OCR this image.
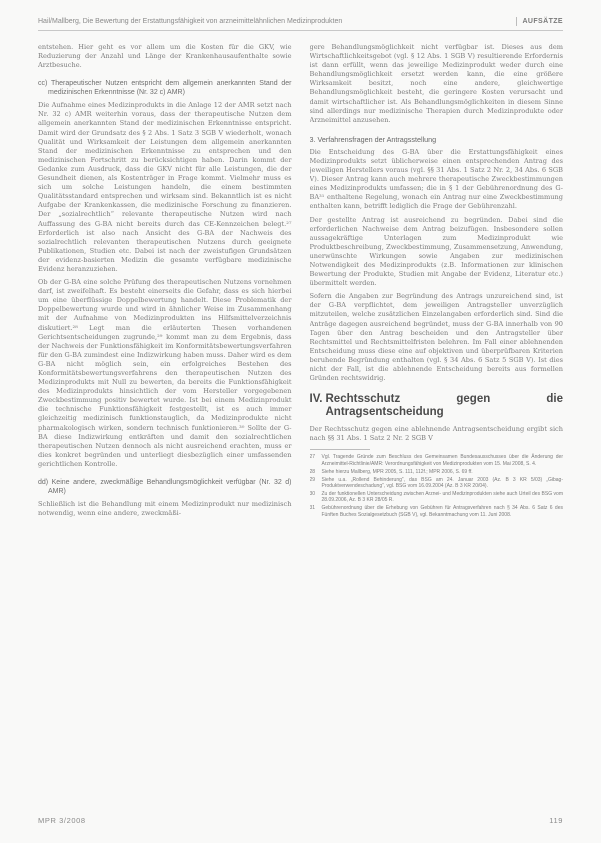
Hail/Mallberg, Die Bewertung der Erstattungsfähigkeit von arzneimittelähnlichen Medizinprodukten	AUFSÄTZE

entstehen. Hier geht es vor allem um die Kosten für die GKV, wie Reduzierung der Anzahl und Länge der Krankenhausaufenthalte sowie Arztbesuche.

cc) Therapeutischer Nutzen entspricht dem allgemein anerkannten Stand der medizinischen Erkenntnisse (Nr. 32 c) AMR)

Die Aufnahme eines Medizinprodukts in die Anlage 12 der AMR setzt nach Nr. 32 c) AMR weiterhin voraus, dass der therapeutische Nutzen dem allgemein anerkannten Stand der medizinischen Erkenntnisse entspricht. Damit wird der Grundsatz des § 2 Abs. 1 Satz 3 SGB V wiederholt, wonach Qualität und Wirksamkeit der Leistungen dem allgemein anerkannten Stand der medizinischen Erkenntnisse zu entsprechen und den medizinischen Fortschritt zu berücksichtigen haben. Darin kommt der Gedanke zum Ausdruck, dass die GKV nicht für alle Leistungen, die der Gesundheit dienen, als Kostenträger in Frage kommt. Vielmehr muss es sich um solche Leistungen handeln, die einem bestimmten Qualitätsstandard entsprechen und wirksam sind. Bekanntlich ist es nicht Aufgabe der Krankenkassen, die medizinische Forschung zu finanzieren. Der „sozialrechtlich“ relevante therapeutische Nutzen wird nach Auffassung des G-BA nicht bereits durch das CE-Kennzeichen belegt.²⁷ Erforderlich ist also nach Ansicht des G-BA der Nachweis des sozialrechtlich relevanten therapeutischen Nutzens durch geeignete Publikationen, Studien etc. Dabei ist nach der zweistufigen Grundsätzen der evidenz-basierten Medizin die gesamte verfügbare medizinische Evidenz heranzuziehen.

Ob der G-BA eine solche Prüfung des therapeutischen Nutzens vornehmen darf, ist zweifelhaft. Es besteht einerseits die Gefahr, dass es sich hierbei um eine überflüssige Doppelbewertung handelt. Diese Problematik der Doppelbewertung wurde und wird in ähnlicher Weise im Zusammenhang mit der Aufnahme von Medizinprodukten ins Hilfsmittelverzeichnis diskutiert.²⁸ Legt man die erläuterten Thesen vorhandenen Gerichtsentscheidungen zugrunde,²⁹ kommt man zu dem Ergebnis, dass der Nachweis der Funktionsfähigkeit im Konformitätsbewertungsverfahren für den G-BA zumindest eine Indizwirkung haben muss. Daher wird es dem G-BA nicht möglich sein, ein erfolgreiches Bestehen des Konformitätsbewertungsverfahrens den therapeutischen Nutzen des Medizinprodukts mit Null zu bewerten, da bereits die Funktionsfähigkeit des Medizinprodukts hinsichtlich der vom Hersteller vorgegebenen Zweckbestimmung positiv bewertet wurde. Ist bei einem Medizinprodukt die technische Funktionsfähigkeit festgestellt, ist es auch immer gleichzeitig medizinisch funktionstauglich, da Medizinprodukte nicht pharmakologisch wirken, sondern technisch funktionieren.³⁰ Sollte der G-BA diese Indizwirkung entkräften und damit den sozialrechtlichen therapeutischen Nutzen dennoch als nicht ausreichend erachten, muss er dies konkret begründen und unterliegt diesbezüglich einer umfassenden gerichtlichen Kontrolle.

dd) Keine andere, zweckmäßige Behandlungsmöglichkeit verfügbar (Nr. 32 d) AMR)

Schließlich ist die Behandlung mit einem Medizinprodukt nur medizinisch notwendig, wenn eine andere, zweckmäßi-

gere Behandlungsmöglichkeit nicht verfügbar ist. Dieses aus dem Wirtschaftlichkeitsgebot (vgl. § 12 Abs. 1 SGB V) resultierende Erfordernis ist dann erfüllt, wenn das jeweilige Medizinprodukt weder durch eine Behandlungsmöglichkeit ersetzt werden kann, die eine größere Wirksamkeit besitzt, noch eine andere, gleichwertige Behandlungsmöglichkeit besteht, die geringere Kosten verursacht und damit wirtschaftlicher ist. Als Behandlungsmöglichkeiten in diesem Sinne sind allerdings nur medizinische Therapien durch Medizinprodukte oder Arzneimittel anzusehen.

3. Verfahrensfragen der Antragsstellung

Die Entscheidung des G-BA über die Erstattungsfähigkeit eines Medizinprodukts setzt üblicherweise einen entsprechenden Antrag des jeweiligen Herstellers voraus (vgl. §§ 31 Abs. 1 Satz 2 Nr. 2, 34 Abs. 6 SGB V). Dieser Antrag kann auch mehrere therapeutische Zweckbestimmungen eines Medizinprodukts umfassen; die in § 1 der Gebührenordnung des G-BA³¹ enthaltene Regelung, wonach ein Antrag nur eine Zweckbestimmung enthalten kann, betrifft lediglich die Frage der Gebührenzahl.

Der gestellte Antrag ist ausreichend zu begründen. Dabei sind die erforderlichen Nachweise dem Antrag beizufügen. Insbesondere sollen aussagekräftige Unterlagen zum Medizinprodukt wie Produktbeschreibung, Zweckbestimmung, Zusammensetzung, Anwendung, unerwünschte Wirkungen sowie Angaben zur medizinischen Notwendigkeit des Medizinprodukts (z.B. Informationen zur klinischen Bewertung der Produkte, Studien mit Angabe der Evidenz, Literatur etc.) übermittelt werden.

Sofern die Angaben zur Begründung des Antrags unzureichend sind, ist der G-BA verpflichtet, dem jeweiligen Antragsteller unverzüglich mitzuteilen, welche zusätzlichen Einzelangaben erforderlich sind. Sind die Anträge dagegen ausreichend begründet, muss der G-BA innerhalb von 90 Tagen über den Antrag bescheiden und den Antragsteller über Rechtsmittel und Rechtsmittelfristen belehren. Im Fall einer ablehnenden Entscheidung muss diese eine auf objektiven und überprüfbaren Kriterien beruhende Begründung enthalten (vgl. § 34 Abs. 6 Satz 5 SGB V). Ist dies nicht der Fall, ist die ablehnende Entscheidung bereits aus formellen Gründen rechtswidrig.

IV. Rechtsschutz gegen die Antragsentscheidung

Der Rechtsschutz gegen eine ablehnende Antragsentscheidung ergibt sich nach §§ 31 Abs. 1 Satz 2 Nr. 2 SGB V

27	Vgl. Tragende Gründe zum Beschluss des Gemeinsamen Bundesausschusses über die Änderung der Arzneimittel-Richtlinie/AMR: Verordnungsfähigkeit von Medizinprodukten vom 15. Mai 2008, S. 4.
28	Siehe hierzu Mallberg, MPR 2005, S. 111, 112f.; MPR 2006, S. 69 ff.
29	Siehe u.a. „Rollend Behinderung“, das BSG am 24. Januar 2003 (Az. B 3 KR 5/03) „Gibag-Produktverwendeschadung“, vgl. BSG vom 16.09.2004 (Az. B 3 KR 20/04).
30	Zu der funktionellen Unterscheidung zwischen Arznei- und Medizinprodukten siehe auch Urteil des BSG vom 28.09.2006, Az. B 3 KR 28/05 R.
31	Gebührenordnung über die Erhebung von Gebühren für Antragsverfahren nach § 34 Abs. 6 Satz 6 des Fünften Buches Sozialgesetzbuch (SGB V), vgl. Bekanntmachung vom 11. Juni 2008.
MPR 3/2008	119
